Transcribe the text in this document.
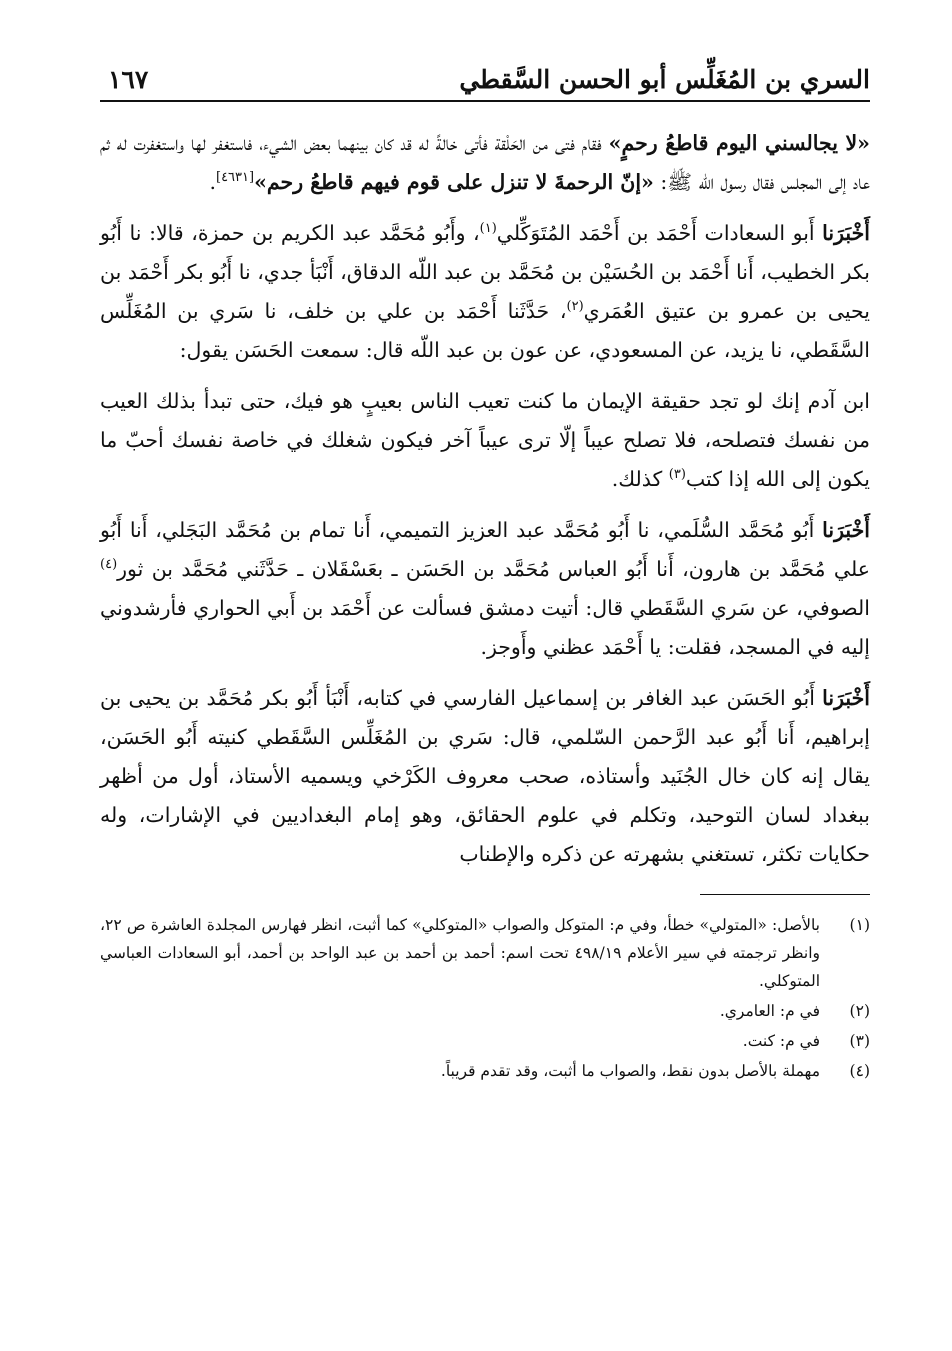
السري بن المُغَلِّس أبو الحسن السَّقطي
١٦٧

«لا يجالسني اليوم قاطعُ رحمٍ» فقام فتى من الحَلْقة فأتى خالةً له قد كان بينهما بعض الشيء، فاستغفر لها واستغفرت له ثم عاد إلى المجلس فقال رسول الله ﷺ: «إنّ الرحمةَ لا تنزل على قوم فيهم قاطعُ رحم»[٤٦٣١].

أَخْبَرَنا أَبو السعادات أَحْمَد بن أَحْمَد المُتَوَكِّلي$^{(١)}$، وأَبُو مُحَمَّد عبد الكريم بن حمزة، قالا: نا أَبُو بكر الخطيب، أَنا أَحْمَد بن الحُسَيْن بن مُحَمَّد بن عبد اللّه الدقاق، أَنْبَأ جدي، نا أَبُو بكر أَحْمَد بن يحيى بن عمرو بن عتيق العُمَري$^{(٢)}$، حَدَّثَنا أَحْمَد بن علي بن خلف، نا سَري بن المُغَلِّس السَّقَطي، نا يزيد، عن المسعودي، عن عون بن عبد اللّه قال: سمعت الحَسَن يقول:

ابن آدم إنك لو تجد حقيقة الإيمان ما كنت تعيب الناس بعيبٍ هو فيك، حتى تبدأ بذلك العيب من نفسك فتصلحه، فلا تصلح عيباً إلّا ترى عيباً آخر فيكون شغلك في خاصة نفسك أحبّ ما يكون إلى الله إذا كتب$^{(٣)}$ كذلك.

أَخْبَرَنا أَبُو مُحَمَّد السُّلَمي، نا أَبُو مُحَمَّد عبد العزيز التميمي، أَنا تمام بن مُحَمَّد البَجَلي، أَنا أَبُو علي مُحَمَّد بن هارون، أَنا أَبُو العباس مُحَمَّد بن الحَسَن ـ بعَسْقَلان ـ حَدَّثَني مُحَمَّد بن ثور$^{(٤)}$ الصوفي، عن سَري السَّقَطي قال: أتيت دمشق فسألت عن أَحْمَد بن أَبي الحواري فأرشدوني إليه في المسجد، فقلت: يا أَحْمَد عظني وأَوجز.

أَخْبَرَنا أَبُو الحَسَن عبد الغافر بن إسماعيل الفارسي في كتابه، أَنْبَأ أَبُو بكر مُحَمَّد بن يحيى بن إبراهيم، أَنا أَبُو عبد الرَّحمن السّلمي، قال: سَري بن المُغَلِّس السَّقَطي كنيته أَبُو الحَسَن، يقال إنه كان خال الجُنَيد وأستاذه، صحب معروف الكَرْخي ويسميه الأستاذ، أول من أظهر ببغداد لسان التوحيد، وتكلم في علوم الحقائق، وهو إمام البغداديين في الإشارات، وله حكايات تكثر، تستغني بشهرته عن ذكره والإطناب

(١)
بالأصل: «المتولي» خطأ، وفي م: المتوكل والصواب «المتوكلي» كما أثبت، انظر فهارس المجلدة العاشرة ص ٢٢، وانظر ترجمته في سير الأعلام ٤٩٨/١٩ تحت اسم: أحمد بن أحمد بن عبد الواحد بن أحمد، أبو السعادات العباسي المتوكلي.
(٢)
في م: العامري.
(٣)
في م: كنت.
(٤)
مهملة بالأصل بدون نقط، والصواب ما أثبت، وقد تقدم قريباً.
